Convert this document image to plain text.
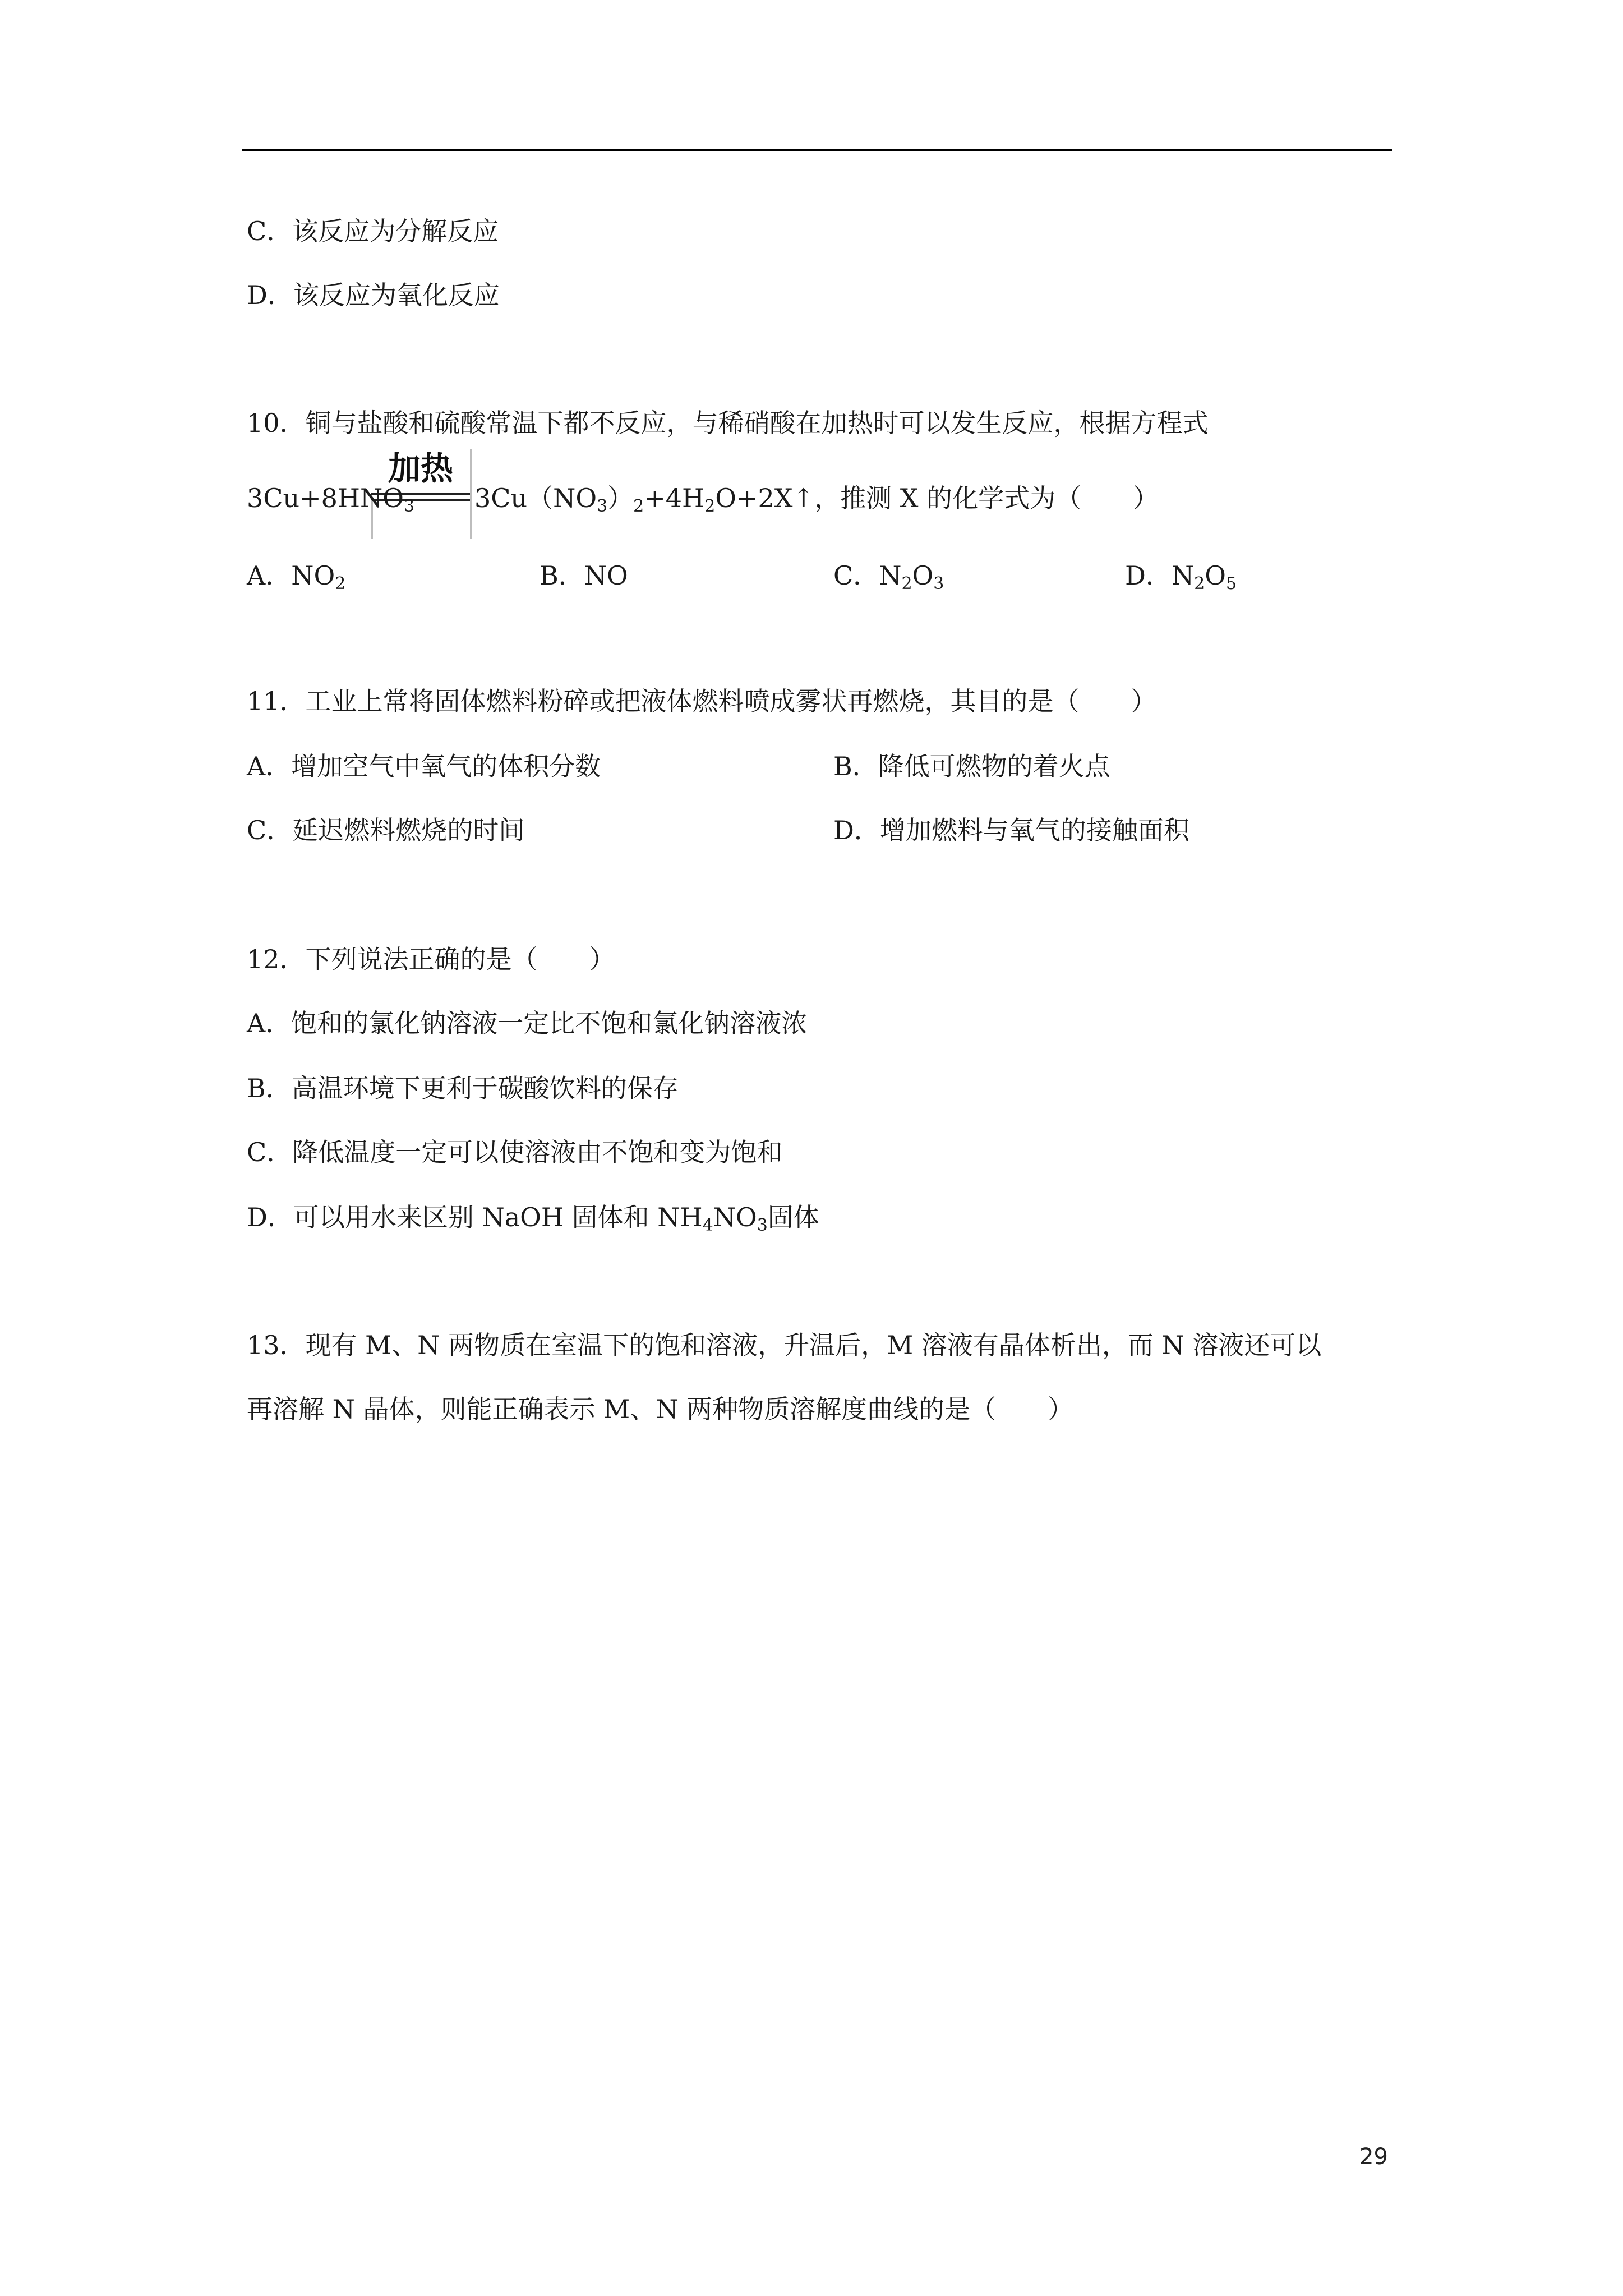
C．该反应为分解反应
D．该反应为氧化反应
10．铜与盐酸和硫酸常温下都不反应，与稀硝酸在加热时可以发生反应，根据方程式
加热
$3Cu+8HNO_3$ $3Cu(NO_3)_2+4H_2O+2X↑$，推测 X 的化学式为（　　）
A．$NO_2$	B．NO	C．$N_2O_3$	D．$N_2O_5$
11．工业上常将固体燃料粉碎或把液体燃料喷成雾状再燃烧，其目的是（　　）
A．增加空气中氧气的体积分数	B．降低可燃物的着火点
C．延迟燃料燃烧的时间	D．增加燃料与氧气的接触面积
12．下列说法正确的是（　　）
A．饱和的氯化钠溶液一定比不饱和氯化钠溶液浓
B．高温环境下更利于碳酸饮料的保存
C．降低温度一定可以使溶液由不饱和变为饱和
D．可以用水来区别 NaOH 固体和 $NH_4NO_3$固体
13．现有 M、N 两物质在室温下的饱和溶液，升温后，M 溶液有晶体析出，而 N 溶液还可以
再溶解 N 晶体，则能正确表示 M、N 两种物质溶解度曲线的是（　　）
29
